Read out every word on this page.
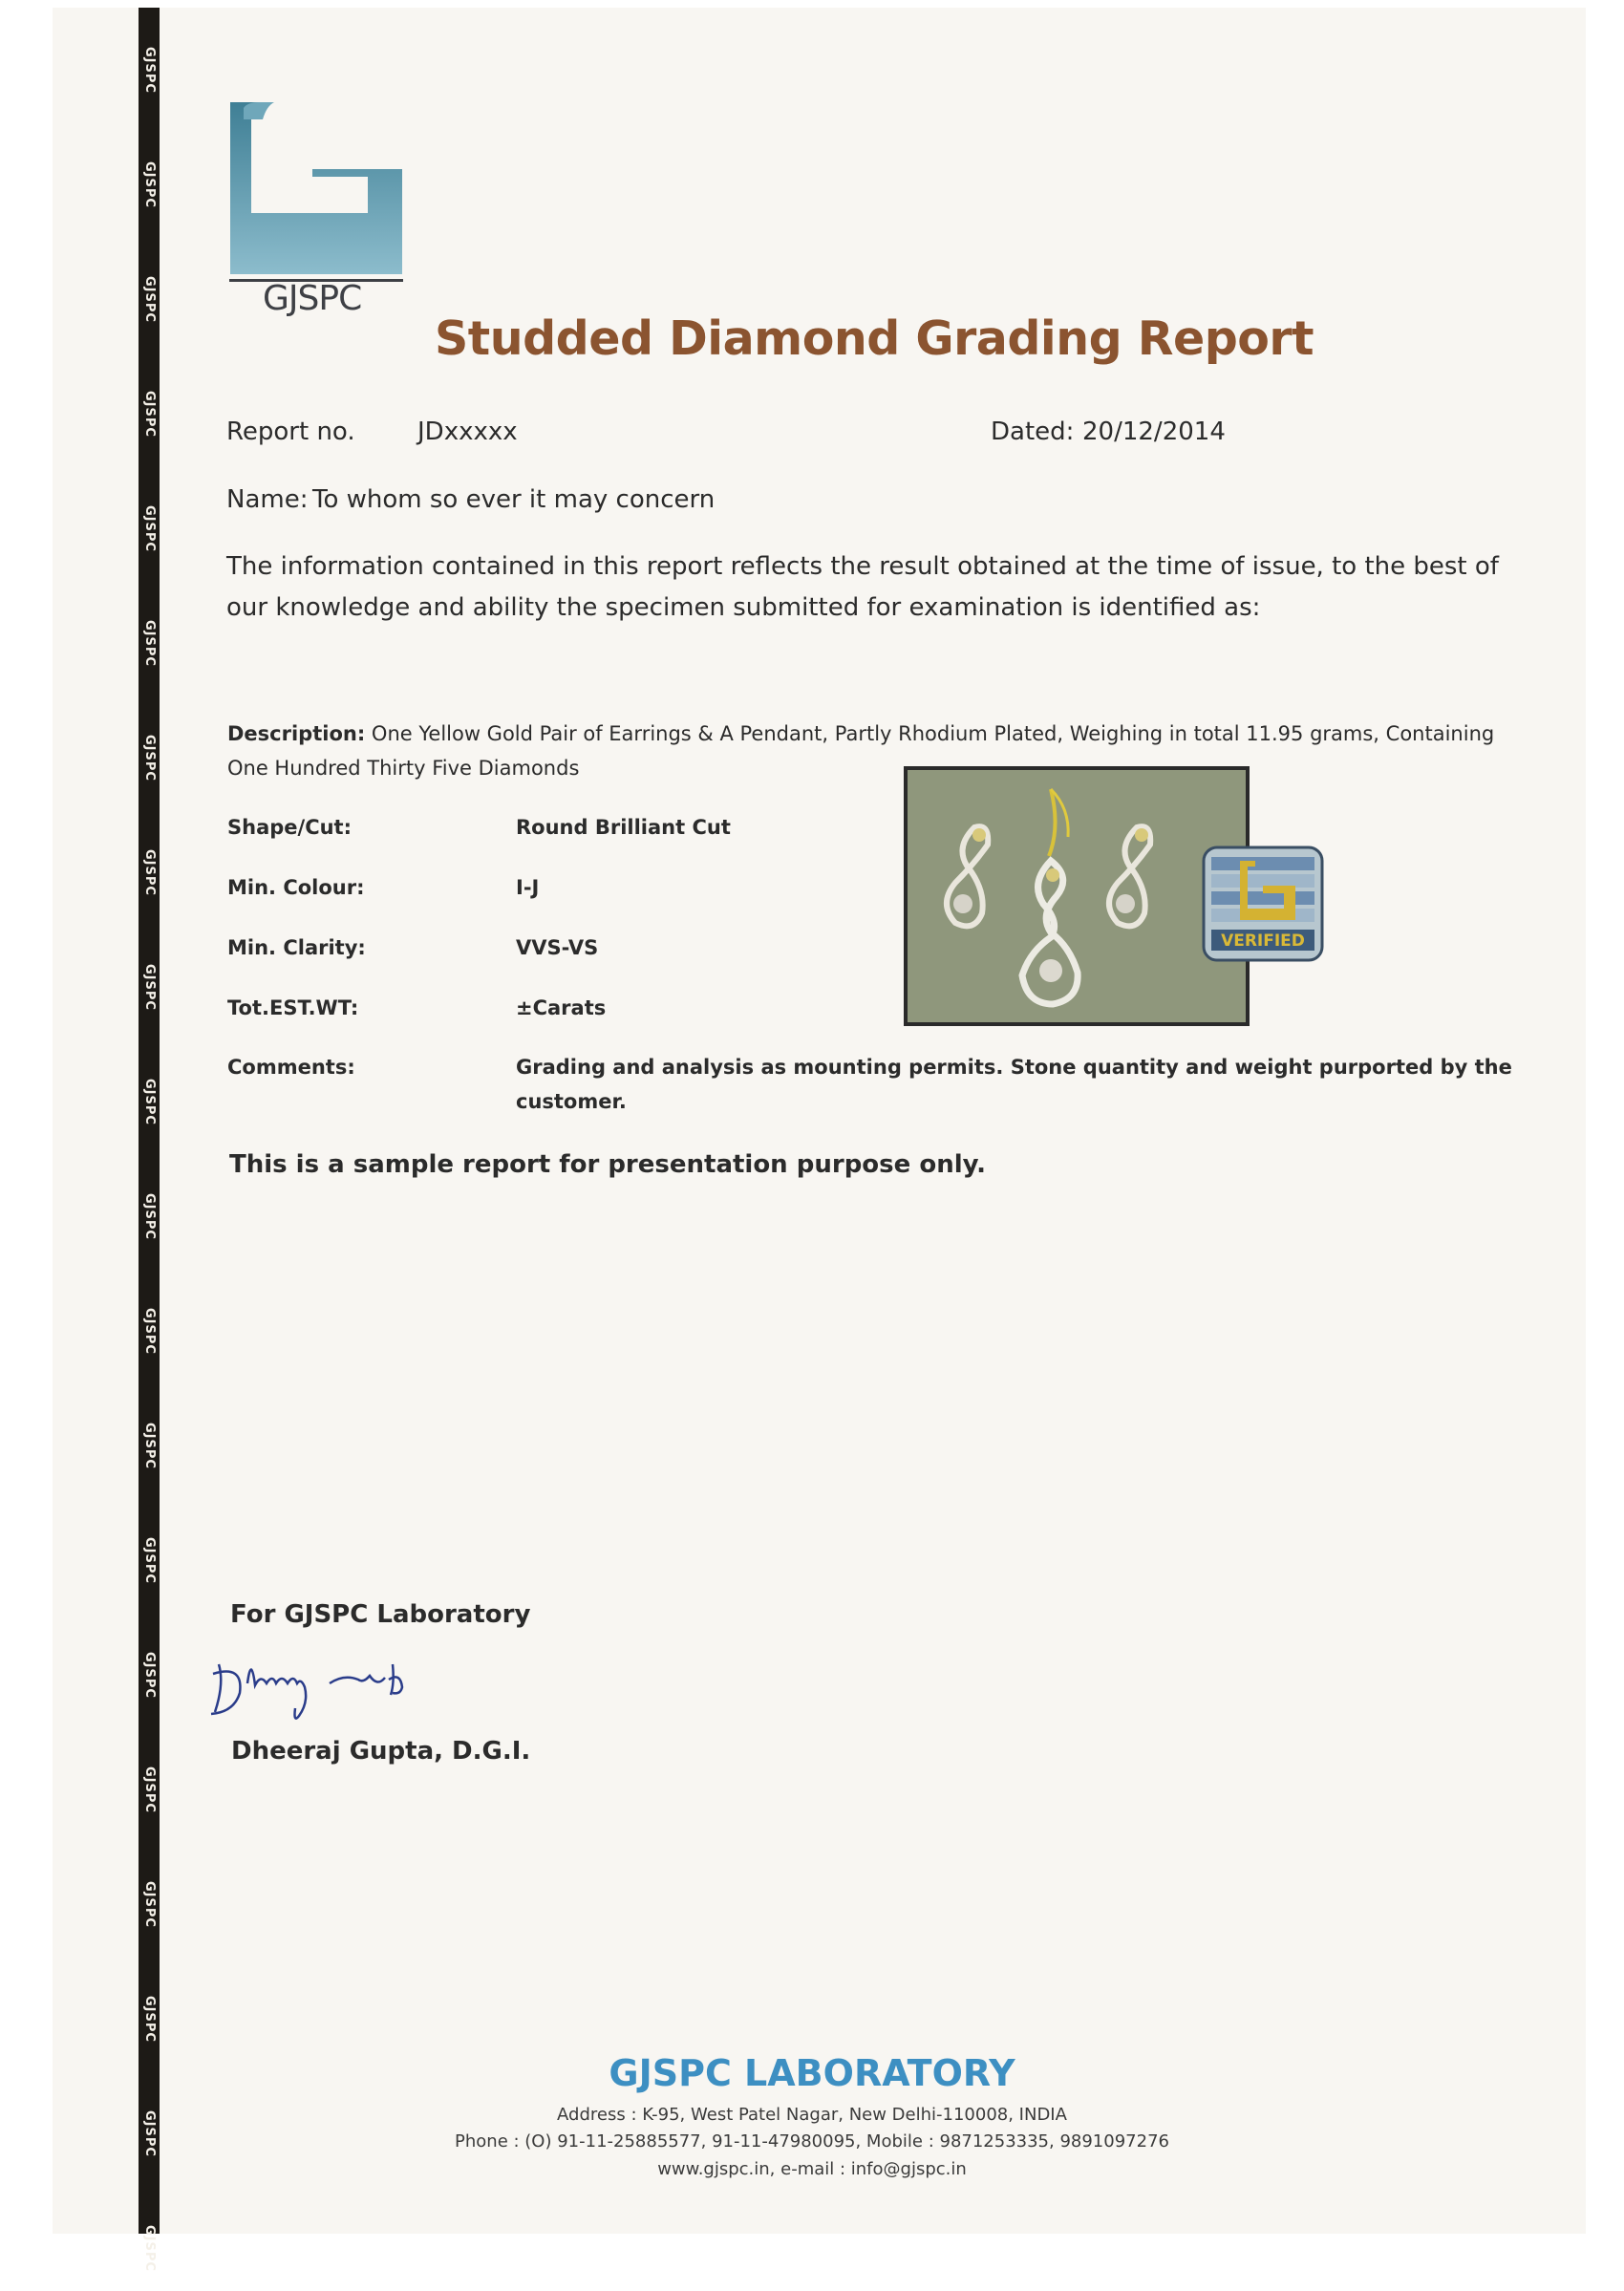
GJSPC
GJSPC
GJSPC
GJSPC
GJSPC
GJSPC
GJSPC
GJSPC
GJSPC
GJSPC
GJSPC
GJSPC
GJSPC
GJSPC
GJSPC
GJSPC
GJSPC
GJSPC
GJSPC
GJSPC
GJSPC
Studded Diamond Grading Report
Report no.	JDxxxxx	Dated: 20/12/2014
Name: To whom so ever it may concern
The information contained in this report reflects the result obtained at the time of issue, to the best of
our knowledge and ability the specimen submitted for examination is identified as:
Description: One Yellow Gold Pair of Earrings & A Pendant, Partly Rhodium Plated, Weighing in total 11.95 grams, Containing
One Hundred Thirty Five Diamonds
Shape/Cut:	Round Brilliant Cut
Min. Colour:	I-J
Min. Clarity:	VVS-VS
Tot.EST.WT:	±Carats
Comments:	Grading and analysis as mounting permits. Stone quantity and weight purported by the
customer.
This is a sample report for presentation purpose only.
VERIFIED
For GJSPC Laboratory
Dheeraj Gupta, D.G.I.
GJSPC LABORATORY
Address : K-95, West Patel Nagar, New Delhi-110008, INDIA
Phone : (O) 91-11-25885577, 91-11-47980095, Mobile : 9871253335, 9891097276
www.gjspc.in, e-mail : info@gjspc.in
